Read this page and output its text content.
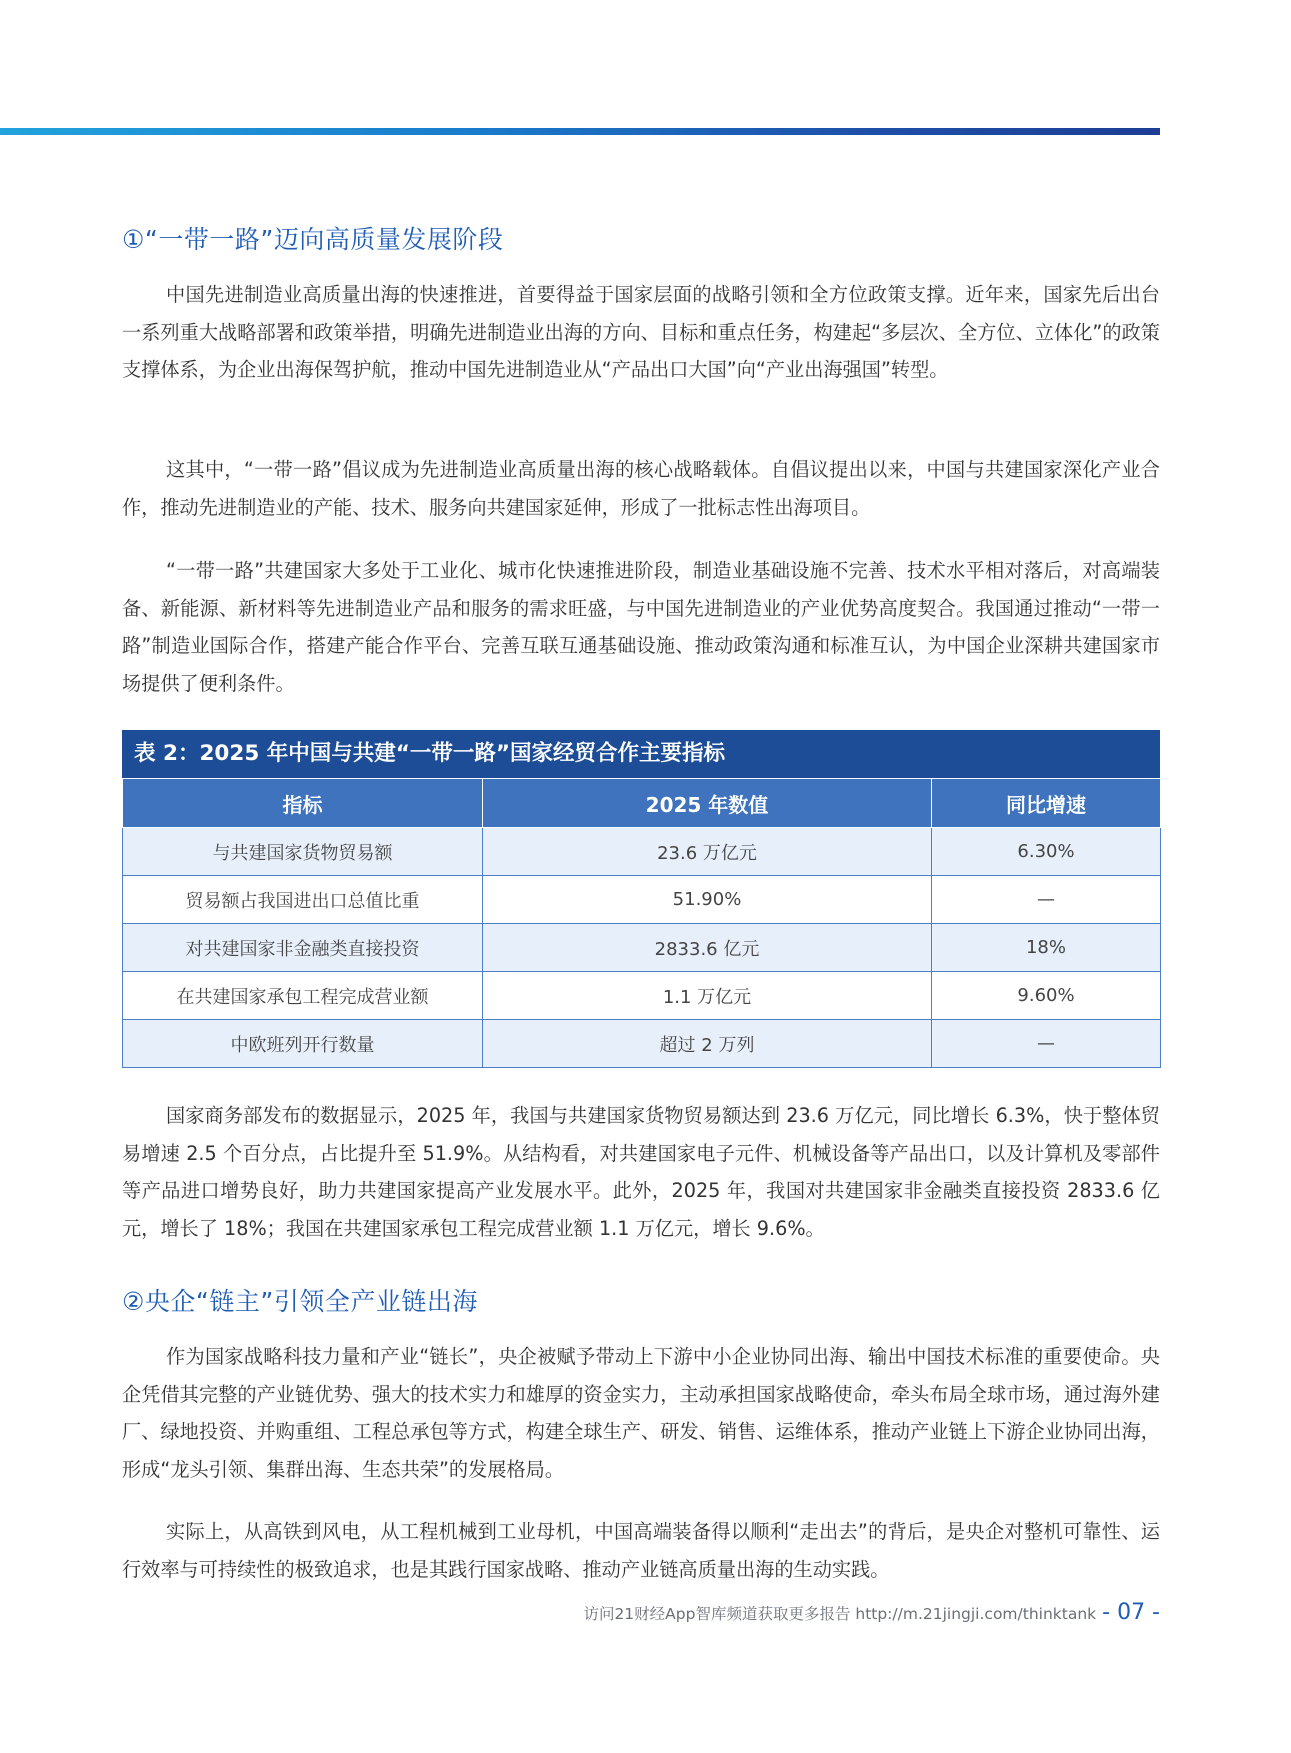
①“一带一路”迈向高质量发展阶段

中国先进制造业高质量出海的快速推进，首要得益于国家层面的战略引领和全方位政策支撑。近年来，国家先后出台一系列重大战略部署和政策举措，明确先进制造业出海的方向、目标和重点任务，构建起“多层次、全方位、立体化”的政策支撑体系，为企业出海保驾护航，推动中国先进制造业从“产品出口大国”向“产业出海强国”转型。

这其中，“一带一路”倡议成为先进制造业高质量出海的核心战略载体。自倡议提出以来，中国与共建国家深化产业合作，推动先进制造业的产能、技术、服务向共建国家延伸，形成了一批标志性出海项目。

“一带一路”共建国家大多处于工业化、城市化快速推进阶段，制造业基础设施不完善、技术水平相对落后，对高端装备、新能源、新材料等先进制造业产品和服务的需求旺盛，与中国先进制造业的产业优势高度契合。我国通过推动“一带一路”制造业国际合作，搭建产能合作平台、完善互联互通基础设施、推动政策沟通和标准互认，为中国企业深耕共建国家市场提供了便利条件。

表 2：2025 年中国与共建“一带一路”国家经贸合作主要指标
指标	2025 年数值	同比增速
与共建国家货物贸易额	23.6 万亿元	6.30%
贸易额占我国进出口总值比重	51.90%	—
对共建国家非金融类直接投资	2833.6 亿元	18%
在共建国家承包工程完成营业额	1.1 万亿元	9.60%
中欧班列开行数量	超过 2 万列	—

国家商务部发布的数据显示，2025 年，我国与共建国家货物贸易额达到 23.6 万亿元，同比增长 6.3%，快于整体贸易增速 2.5 个百分点，占比提升至 51.9%。从结构看，对共建国家电子元件、机械设备等产品出口，以及计算机及零部件等产品进口增势良好，助力共建国家提高产业发展水平。此外，2025 年，我国对共建国家非金融类直接投资 2833.6 亿元，增长了 18%；我国在共建国家承包工程完成营业额 1.1 万亿元，增长 9.6%。

②央企“链主”引领全产业链出海

作为国家战略科技力量和产业“链长”，央企被赋予带动上下游中小企业协同出海、输出中国技术标准的重要使命。央企凭借其完整的产业链优势、强大的技术实力和雄厚的资金实力，主动承担国家战略使命，牵头布局全球市场，通过海外建厂、绿地投资、并购重组、工程总承包等方式，构建全球生产、研发、销售、运维体系，推动产业链上下游企业协同出海，形成“龙头引领、集群出海、生态共荣”的发展格局。

实际上，从高铁到风电，从工程机械到工业母机，中国高端装备得以顺利“走出去”的背后，是央企对整机可靠性、运行效率与可持续性的极致追求，也是其践行国家战略、推动产业链高质量出海的生动实践。

访问21财经App智库频道获取更多报告 http://m.21jingji.com/thinktank - 07 -
